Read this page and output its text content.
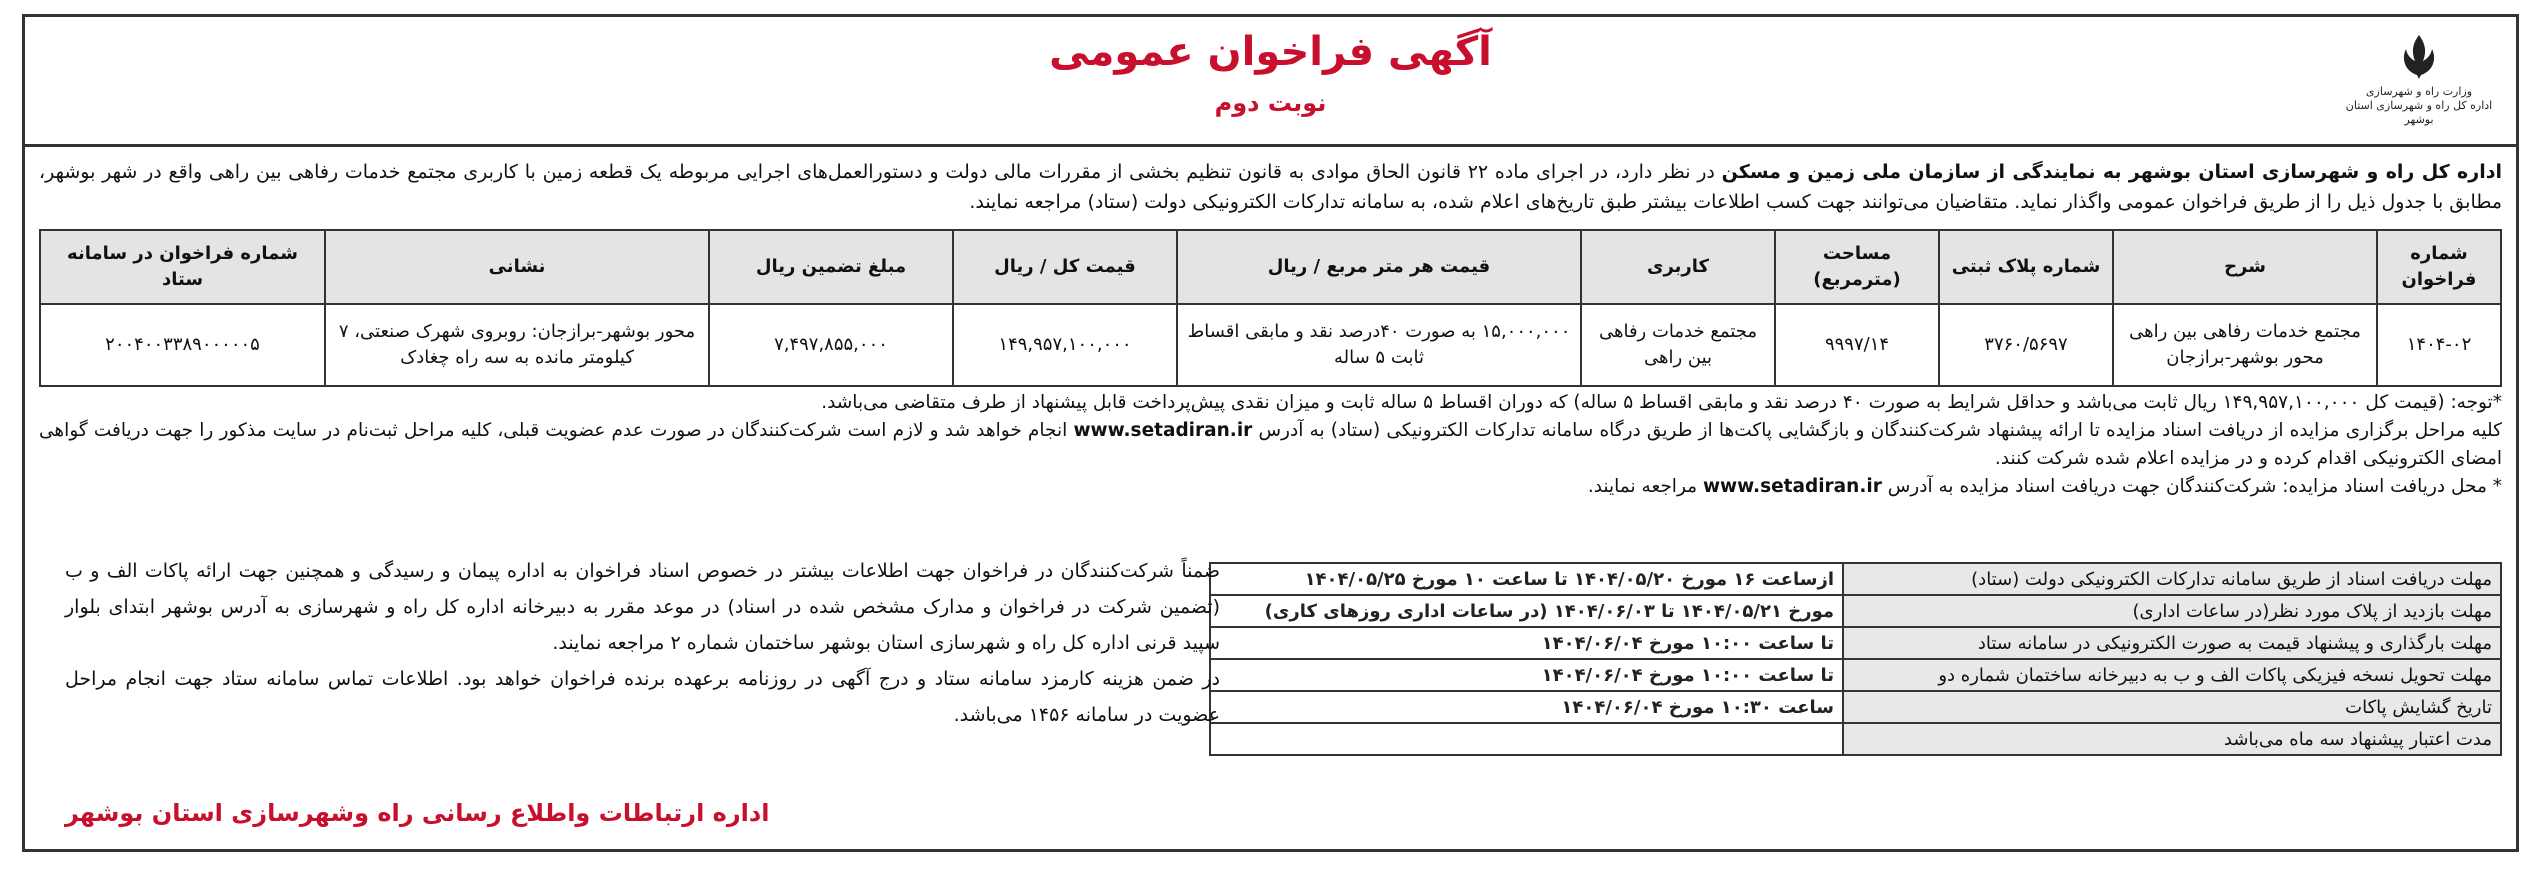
آگهی فراخوان عمومی
نوبت دوم	وزارت راه و شهرسازی
اداره کل راه و شهرسازی استان بوشهر
اداره کل راه و شهرسازی استان بوشهر به نمایندگی از سازمان ملی زمین و مسکن در نظر دارد، در اجرای ماده ۲۲ قانون الحاق موادی به قانون تنظیم بخشی از مقررات مالی دولت و دستورالعمل‌های اجرایی مربوطه یک قطعه زمین با کاربری مجتمع خدمات رفاهی بین راهی واقع در شهر بوشهر، مطابق با جدول ذیل را از طریق فراخوان عمومی واگذار نماید. متقاضیان می‌توانند جهت کسب اطلاعات بیشتر طبق تاریخ‌های اعلام شده، به سامانه تدارکات الکترونیکی دولت (ستاد) مراجعه نمایند.
شماره فراخوان	شرح	شماره پلاک ثبتی	مساحت (مترمربع)	کاربری	قیمت هر متر مربع / ریال	قیمت کل / ریال	مبلغ تضمین ریال	نشانی	شماره فراخوان در سامانه ستاد
۱۴۰۴-۰۲	مجتمع خدمات رفاهی بین راهی محور بوشهر-برازجان	۳۷۶۰/۵۶۹۷	۹۹۹۷/۱۴	مجتمع خدمات رفاهی بین راهی	۱۵,۰۰۰,۰۰۰ به صورت ۴۰درصد نقد و مابقی اقساط ثابت ۵ ساله	۱۴۹,۹۵۷,۱۰۰,۰۰۰	۷,۴۹۷,۸۵۵,۰۰۰	محور بوشهر-برازجان: روبروی شهرک صنعتی، ۷ کیلومتر مانده به سه راه چغادک	۲۰۰۴۰۰۳۳۸۹۰۰۰۰۰۵

*توجه: (قیمت کل ۱۴۹,۹۵۷,۱۰۰,۰۰۰ ریال ثابت می‌باشد و حداقل شرایط به صورت ۴۰ درصد نقد و مابقی اقساط ۵ ساله) که دوران اقساط ۵ ساله ثابت و میزان نقدی پیش‌پرداخت قابل پیشنهاد از طرف متقاضی می‌باشد.

کلیه مراحل برگزاری مزایده از دریافت اسناد مزایده تا ارائه پیشنهاد شرکت‌کنندگان و بازگشایی پاکت‌ها از طریق درگاه سامانه تدارکات الکترونیکی (ستاد) به آدرس www.setadiran.ir انجام خواهد شد و لازم است شرکت‌کنندگان در صورت عدم عضویت قبلی، کلیه مراحل ثبت‌نام در سایت مذکور را جهت دریافت گواهی امضای الکترونیکی اقدام کرده و در مزایده اعلام شده شرکت کنند.

* محل دریافت اسناد مزایده: شرکت‌کنندگان جهت دریافت اسناد مزایده به آدرس www.setadiran.ir مراجعه نمایند.

مهلت دریافت اسناد از طریق سامانه تدارکات الکترونیکی دولت (ستاد)	ازساعت ۱۶ مورخ ۱۴۰۴/۰۵/۲۰ تا ساعت ۱۰ مورخ ۱۴۰۴/۰۵/۲۵
مهلت بازدید از پلاک مورد نظر(در ساعات اداری)	مورخ ۱۴۰۴/۰۵/۲۱ تا ۱۴۰۴/۰۶/۰۳ (در ساعات اداری روزهای کاری)
مهلت بارگذاری و پیشنهاد قیمت به صورت الکترونیکی در سامانه ستاد	تا ساعت ۱۰:۰۰ مورخ ۱۴۰۴/۰۶/۰۴
مهلت تحویل نسخه فیزیکی پاکات الف و ب به دبیرخانه ساختمان شماره دو	تا ساعت ۱۰:۰۰ مورخ ۱۴۰۴/۰۶/۰۴
تاریخ گشایش پاکات	ساعت ۱۰:۳۰ مورخ ۱۴۰۴/۰۶/۰۴
مدت اعتبار پیشنهاد سه ماه می‌باشد	

ضمناً شرکت‌کنندگان در فراخوان جهت اطلاعات بیشتر در خصوص اسناد فراخوان به اداره پیمان و رسیدگی و همچنین جهت ارائه پاکات الف و ب (تضمین شرکت در فراخوان و مدارک مشخص شده در اسناد) در موعد مقرر به دبیرخانه اداره کل راه و شهرسازی به آدرس بوشهر ابتدای بلوار سپید قرنی اداره کل راه و شهرسازی استان بوشهر ساختمان شماره ۲ مراجعه نمایند.

در ضمن هزینه کارمزد سامانه ستاد و درج آگهی در روزنامه برعهده برنده فراخوان خواهد بود. اطلاعات تماس سامانه ستاد جهت انجام مراحل عضویت در سامانه ۱۴۵۶ می‌باشد.

اداره ارتباطات واطلاع رسانی راه وشهرسازی استان بوشهر
